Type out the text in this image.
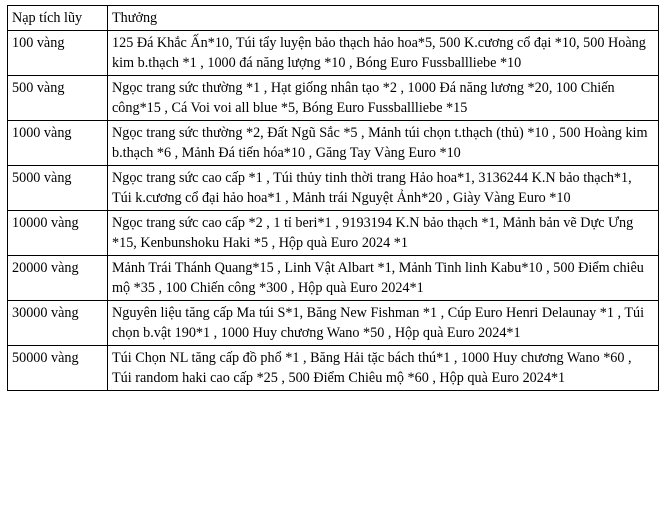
Nạp tích lũy	Thưởng
100 vàng	125 Đá Khắc Ấn*10, Túi tẩy luyện bảo thạch hảo hoa*5, 500 K.cương cổ đại *10, 500 Hoàng kim b.thạch *1 , 1000 đá năng lượng *10 , Bóng Euro Fussballliebe *10
500 vàng	Ngọc trang sức thường *1 , Hạt giống nhân tạo *2 , 1000 Đá năng lương *20, 100 Chiến công*15 , Cá Voi voi all blue *5, Bóng Euro Fussballliebe *15
1000 vàng	Ngọc trang sức thường *2, Đất Ngũ Sắc *5 , Mảnh túi chọn t.thạch (thủ) *10 , 500 Hoàng kim b.thạch *6 , Mảnh Đá tiến hóa*10 , Găng Tay Vàng Euro *10
5000 vàng	Ngọc trang sức cao cấp *1 , Túi thủy tinh thời trang Hảo hoa*1, 3136244 K.N bảo thạch*1, Túi k.cương cổ đại hảo hoa*1 , Mảnh trái Nguyệt Ảnh*20 , Giày Vàng Euro *10
10000 vàng	Ngọc trang sức cao cấp *2 , 1 tỉ beri*1 , 9193194 K.N bảo thạch *1, Mảnh bản vẽ Dực Ưng *15, Kenbunshoku Haki *5 , Hộp quà Euro 2024 *1
20000 vàng	Mảnh Trái Thánh Quang*15 , Linh Vật Albart *1, Mảnh Tinh linh Kabu*10 , 500 Điểm chiêu mộ *35 , 100 Chiến công *300 , Hộp quà Euro 2024*1
30000 vàng	Nguyên liệu tăng cấp Ma túi S*1, Băng New Fishman *1 , Cúp Euro Henri Delaunay *1 , Túi chọn b.vật 190*1 , 1000 Huy chương Wano *50 , Hộp quà Euro 2024*1
50000 vàng	Túi Chọn NL tăng cấp đồ phổ *1 , Băng Hải tặc bách thú*1 , 1000 Huy chương Wano *60 , Túi random haki cao cấp *25 , 500 Điểm Chiêu mộ *60 , Hộp quà Euro 2024*1
